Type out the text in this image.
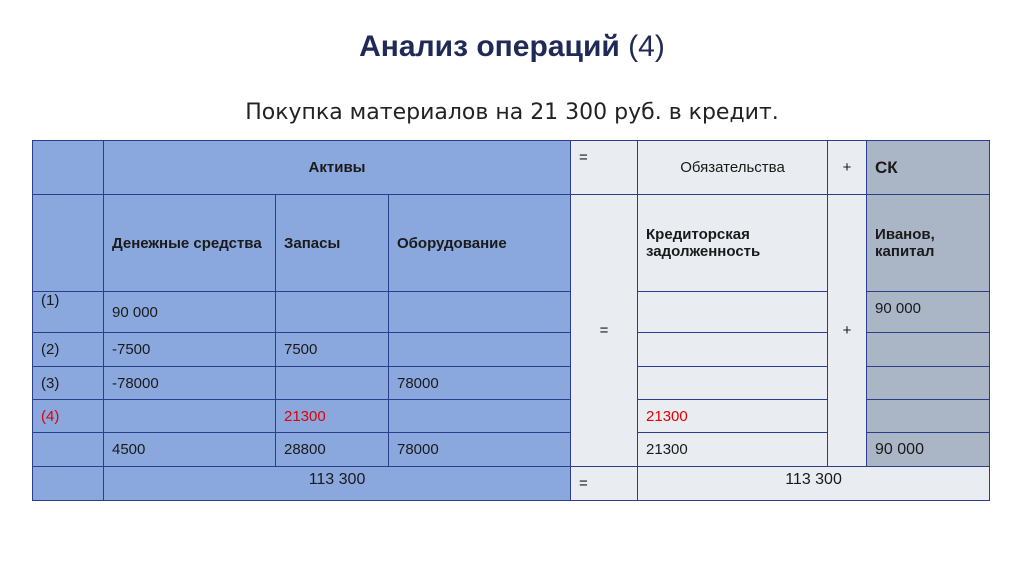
Анализ операций (4)
Покупка материалов на 21 300 руб. в кредит.
	Активы			=	Обязательства	+	СК
	Денежные средства	Запасы	Оборудование	=	Кредиторская задолженность	+	Иванов, капитал
(1)	90 000						90 000
(2)	-7500	7500					
(3)	-78000		78000				
(4)		21300			21300		
	4500	28800	78000		21300		90 000
	113 300			=	113 300		
